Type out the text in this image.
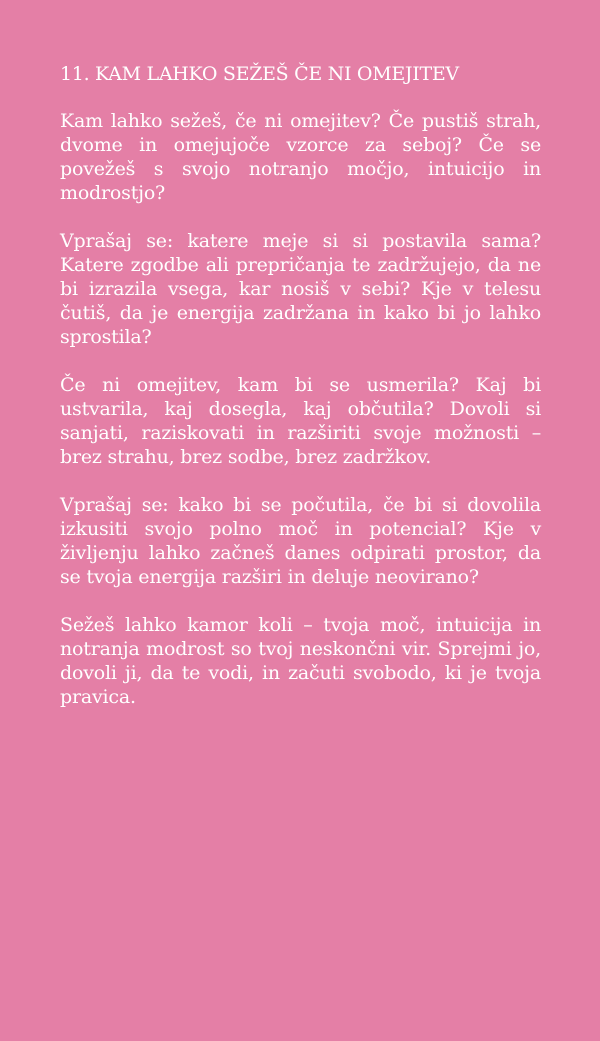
11. KAM LAHKO SEŽEŠ ČE NI OMEJITEV

Kam lahko sežeš, če ni omejitev? Če pustiš strah, dvome in omejujoče vzorce za seboj? Če se povežeš s svojo notranjo močjo, intuicijo in modrostjo?

Vprašaj se: katere meje si si postavila sama? Katere zgodbe ali prepričanja te zadržujejo, da ne bi izrazila vsega, kar nosiš v sebi? Kje v telesu čutiš, da je energija zadržana in kako bi jo lahko sprostila?

Če ni omejitev, kam bi se usmerila? Kaj bi ustvarila, kaj dosegla, kaj občutila? Dovoli si sanjati, raziskovati in razširiti svoje možnosti – brez strahu, brez sodbe, brez zadržkov.

Vprašaj se: kako bi se počutila, če bi si dovolila izkusiti svojo polno moč in potencial? Kje v življenju lahko začneš danes odpirati prostor, da se tvoja energija razširi in deluje neovirano?

Sežeš lahko kamor koli – tvoja moč, intuicija in notranja modrost so tvoj neskončni vir. Sprejmi jo, dovoli ji, da te vodi, in začuti svobodo, ki je tvoja pravica.
